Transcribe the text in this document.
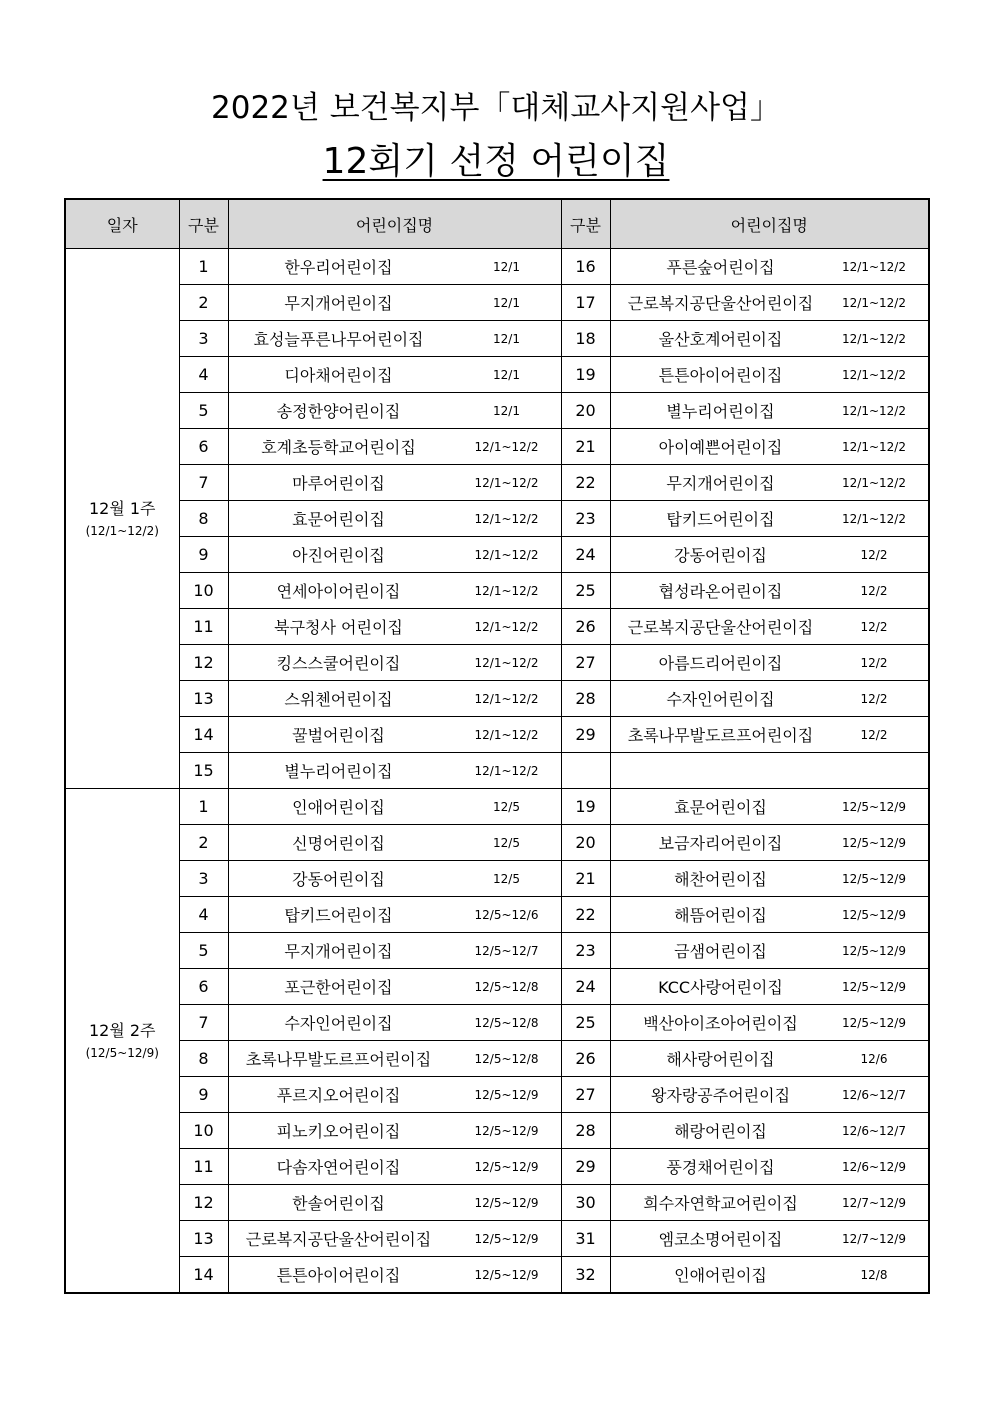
2022년 보건복지부「대체교사지원사업」
12회기 선정 어린이집
일자	구분	어린이집명	구분	어린이집명

12월 1주
(12/1~12/2)	1	한우리어린이집 12/1	16	푸른숲어린이집 12/1~12/2

	2	무지개어린이집 12/1	17	근로복지공단울산어린이집 12/1~12/2

	3	효성늘푸른나무어린이집 12/1	18	울산호계어린이집 12/1~12/2

	4	디아채어린이집 12/1	19	튼튼아이어린이집 12/1~12/2

	5	송정한양어린이집 12/1	20	별누리어린이집 12/1~12/2

	6	호계초등학교어린이집 12/1~12/2	21	아이예쁜어린이집 12/1~12/2

	7	마루어린이집 12/1~12/2	22	무지개어린이집 12/1~12/2

	8	효문어린이집 12/1~12/2	23	탑키드어린이집 12/1~12/2

	9	아진어린이집 12/1~12/2	24	강동어린이집 12/2

	10	연세아이어린이집 12/1~12/2	25	협성라온어린이집 12/2

	11	북구청사 어린이집 12/1~12/2	26	근로복지공단울산어린이집 12/2

	12	킹스스쿨어린이집 12/1~12/2	27	아름드리어린이집 12/2

	13	스위첸어린이집 12/1~12/2	28	수자인어린이집 12/2

	14	꿀벌어린이집 12/1~12/2	29	초록나무발도르프어린이집 12/2

	15	별누리어린이집 12/1~12/2		

12월 2주
(12/5~12/9)	1	인애어린이집 12/5	19	효문어린이집 12/5~12/9

	2	신명어린이집 12/5	20	보금자리어린이집 12/5~12/9

	3	강동어린이집 12/5	21	해찬어린이집 12/5~12/9

	4	탑키드어린이집 12/5~12/6	22	해뜸어린이집 12/5~12/9

	5	무지개어린이집 12/5~12/7	23	금샘어린이집 12/5~12/9

	6	포근한어린이집 12/5~12/8	24	KCC사랑어린이집 12/5~12/9

	7	수자인어린이집 12/5~12/8	25	백산아이조아어린이집 12/5~12/9

	8	초록나무발도르프어린이집 12/5~12/8	26	해사랑어린이집 12/6

	9	푸르지오어린이집 12/5~12/9	27	왕자랑공주어린이집 12/6~12/7

	10	피노키오어린이집 12/5~12/9	28	해랑어린이집 12/6~12/7

	11	다솜자연어린이집 12/5~12/9	29	풍경채어린이집 12/6~12/9

	12	한솔어린이집 12/5~12/9	30	희수자연학교어린이집 12/7~12/9

	13	근로복지공단울산어린이집 12/5~12/9	31	엠코소명어린이집 12/7~12/9

	14	튼튼아이어린이집 12/5~12/9	32	인애어린이집 12/8
